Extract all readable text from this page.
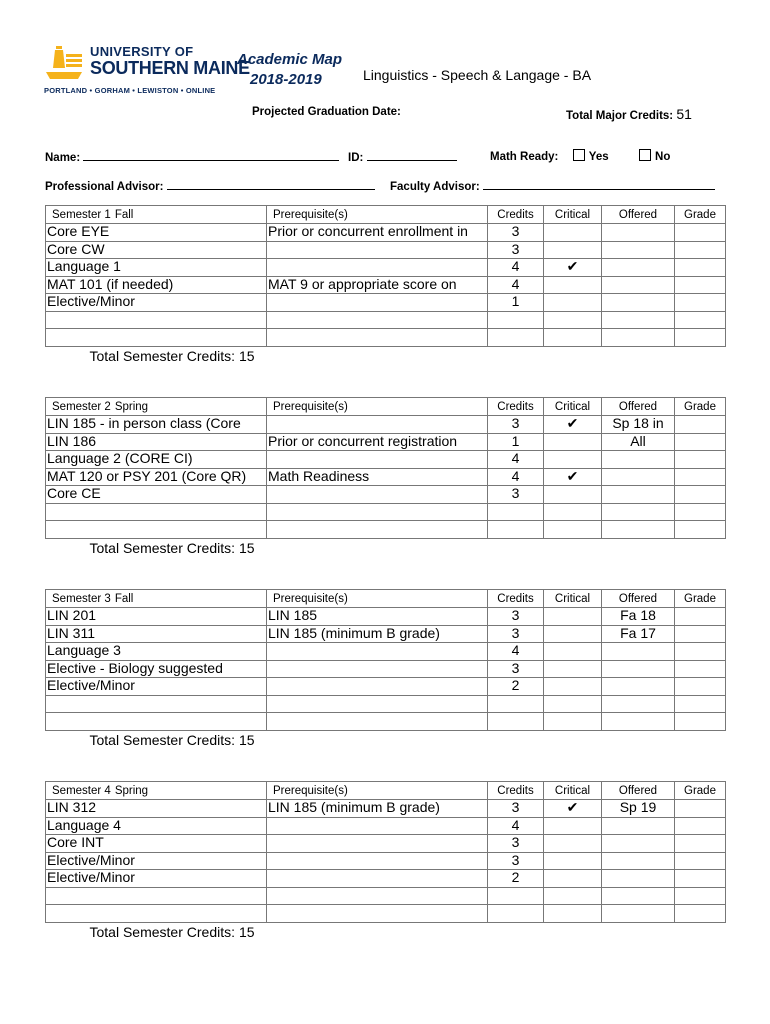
UNIVERSITY OF
SOUTHERN MAINE
PORTLAND • GORHAM • LEWISTON • ONLINE
Academic Map
2018-2019	Linguistics - Speech & Langage - BA
Projected Graduation Date:	Total Major Credits: 51
Name:	ID:	Math Ready:	Yes	No
Professional Advisor:	Faculty Advisor:
Semester 1 Fall	Prerequisite(s)	Credits	Critical	Offered	Grade
Core EYE	Prior or concurrent enrollment in	3			
Core CW		3			
Language 1		4	✔		
MAT 101 (if needed)	MAT 9 or appropriate score on	4			
Elective/Minor		1			

Total Semester Credits: 15					
Semester 2 Spring	Prerequisite(s)	Credits	Critical	Offered	Grade
LIN 185 - in person class (Core		3	✔	Sp 18 in	
LIN 186	Prior or concurrent registration	1		All	
Language 2 (CORE CI)		4			
MAT 120 or PSY 201 (Core QR)	Math Readiness	4	✔		
Core CE		3			

Total Semester Credits: 15					
Semester 3 Fall	Prerequisite(s)	Credits	Critical	Offered	Grade
LIN 201	LIN 185	3		Fa 18	
LIN 311	LIN 185 (minimum B grade)	3		Fa 17	
Language 3		4			
Elective - Biology suggested		3			
Elective/Minor		2			

Total Semester Credits: 15					
Semester 4 Spring	Prerequisite(s)	Credits	Critical	Offered	Grade
LIN 312	LIN 185 (minimum B grade)	3	✔	Sp 19	
Language 4		4			
Core INT		3			
Elective/Minor		3			
Elective/Minor		2			

Total Semester Credits: 15					
